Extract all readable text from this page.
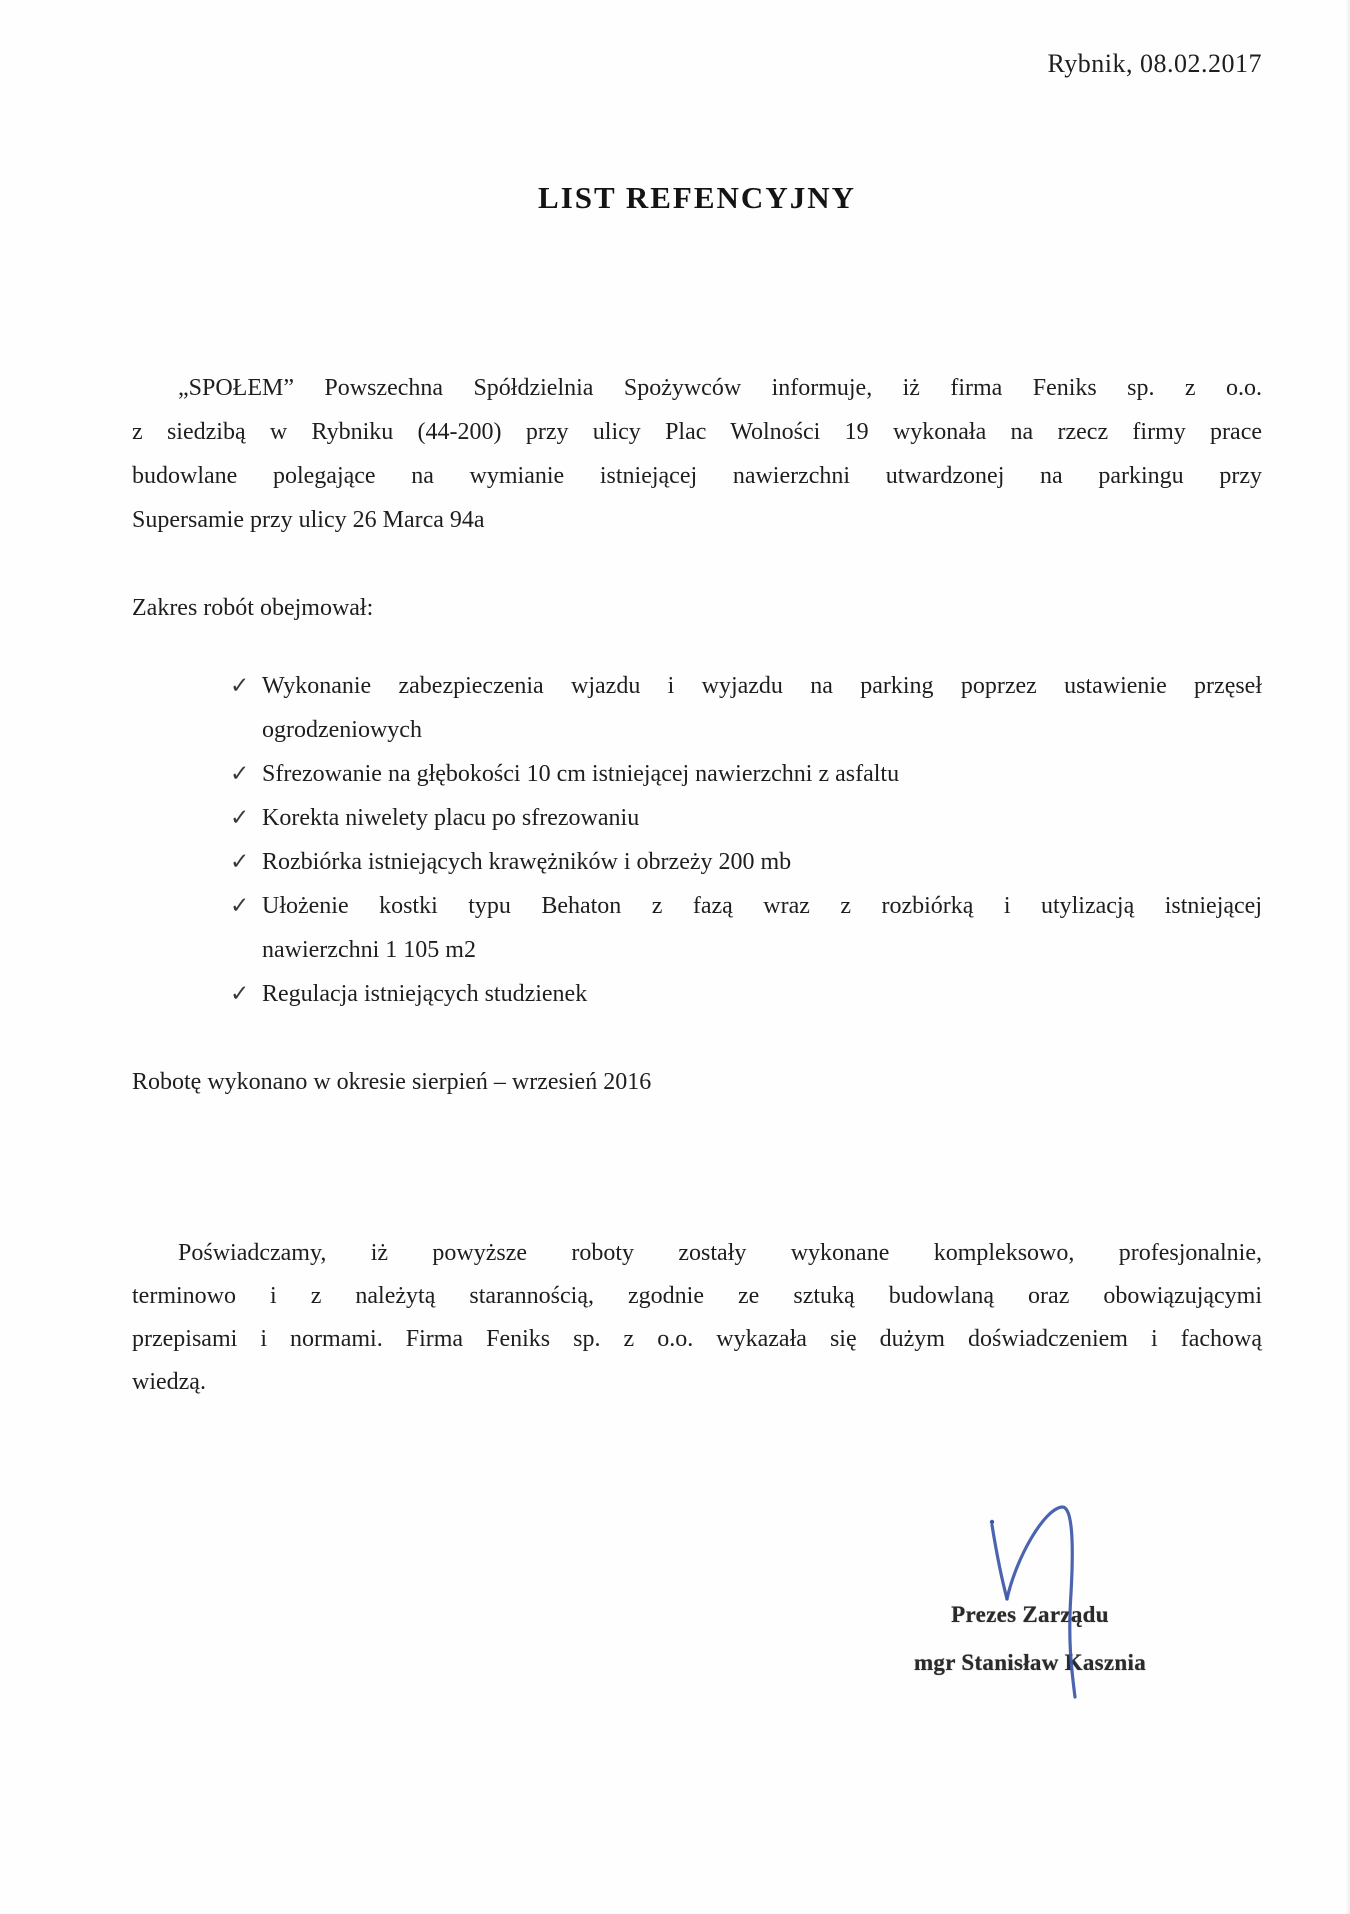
Rybnik, 08.02.2017
LIST REFENCYJNY
„SPOŁEM” Powszechna Spółdzielnia Spożywców informuje, iż firma Feniks sp. z o.o.
z siedzibą w Rybniku (44-200) przy ulicy Plac Wolności 19 wykonała na rzecz firmy prace
budowlane polegające na wymianie istniejącej nawierzchni utwardzonej na parkingu przy
Supersamie przy ulicy 26 Marca 94a
Zakres robót obejmował:
✓ Wykonanie zabezpieczenia wjazdu i wyjazdu na parking poprzez ustawienie przęseł
ogrodzeniowych
✓ Sfrezowanie na głębokości 10 cm istniejącej nawierzchni z asfaltu
✓ Korekta niwelety placu po sfrezowaniu
✓ Rozbiórka istniejących krawężników i obrzeży 200 mb
✓ Ułożenie kostki typu Behaton z fazą wraz z rozbiórką i utylizacją istniejącej
nawierzchni 1 105 m2
✓ Regulacja istniejących studzienek
Robotę wykonano w okresie sierpień – wrzesień 2016
Poświadczamy, iż powyższe roboty zostały wykonane kompleksowo, profesjonalnie,
terminowo i z należytą starannością, zgodnie ze sztuką budowlaną oraz obowiązującymi
przepisami i normami. Firma Feniks sp. z o.o. wykazała się dużym doświadczeniem i fachową
wiedzą.
Prezes Zarządu
mgr Stanisław Kasznia
